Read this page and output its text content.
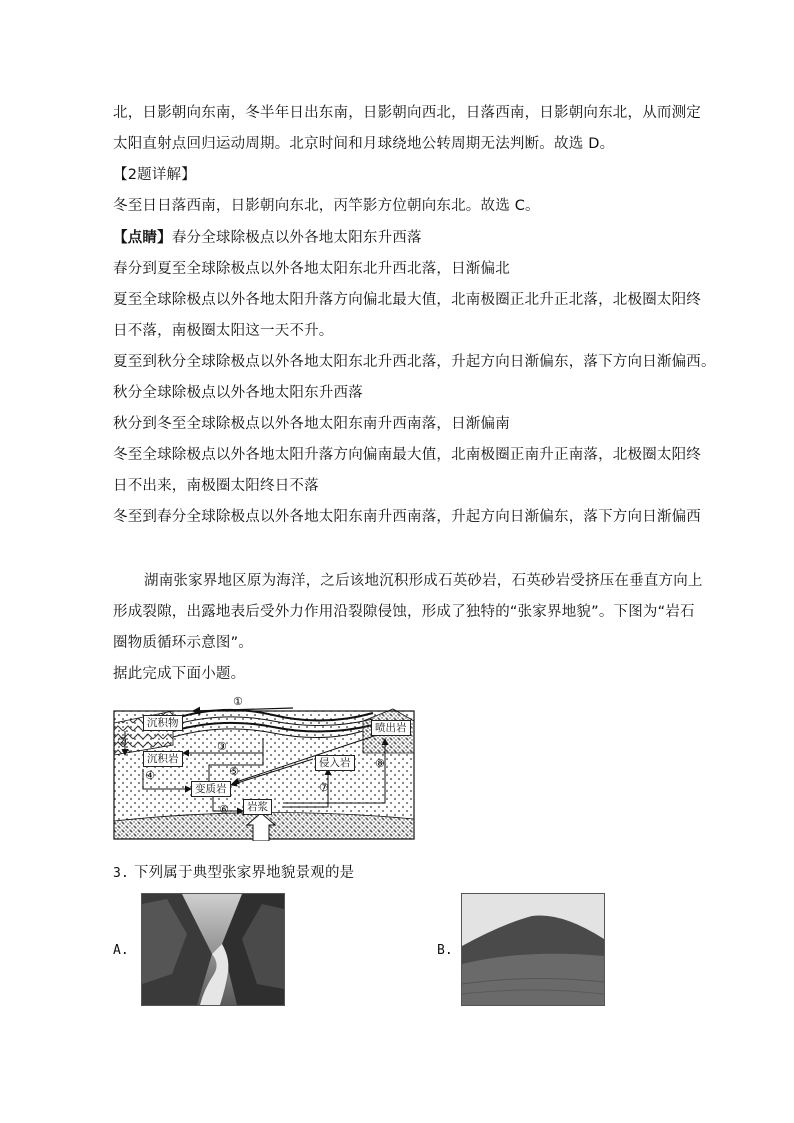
北，日影朝向东南，冬半年日出东南，日影朝向西北，日落西南，日影朝向东北，从而测定
太阳直射点回归运动周期。北京时间和月球绕地公转周期无法判断。故选 D。
【2题详解】
冬至日日落西南，日影朝向东北，丙竿影方位朝向东北。故选 C。
【点睛】春分全球除极点以外各地太阳东升西落
春分到夏至全球除极点以外各地太阳东北升西北落，日渐偏北
夏至全球除极点以外各地太阳升落方向偏北最大值，北南极圈正北升正北落，北极圈太阳终
日不落，南极圈太阳这一天不升。
夏至到秋分全球除极点以外各地太阳东北升西北落，升起方向日渐偏东，落下方向日渐偏西。
秋分全球除极点以外各地太阳东升西落
秋分到冬至全球除极点以外各地太阳东南升西南落，日渐偏南
冬至全球除极点以外各地太阳升落方向偏南最大值，北南极圈正南升正南落，北极圈太阳终
日不出来，南极圈太阳终日不落
冬至到春分全球除极点以外各地太阳东南升西南落，升起方向日渐偏东，落下方向日渐偏西
湖南张家界地区原为海洋，之后该地沉积形成石英砂岩，石英砂岩受挤压在垂直方向上
形成裂隙，出露地表后受外力作用沿裂隙侵蚀，形成了独特的“张家界地貌”。下图为“岩石
圈物质循环示意图”。
据此完成下面小题。
①
②	③
④	⑤
⑥
⑦
⑧
沉积物
沉积岩
变质岩
岩浆
侵入岩
喷出岩
3. 下列属于典型张家界地貌景观的是
A.	B.
